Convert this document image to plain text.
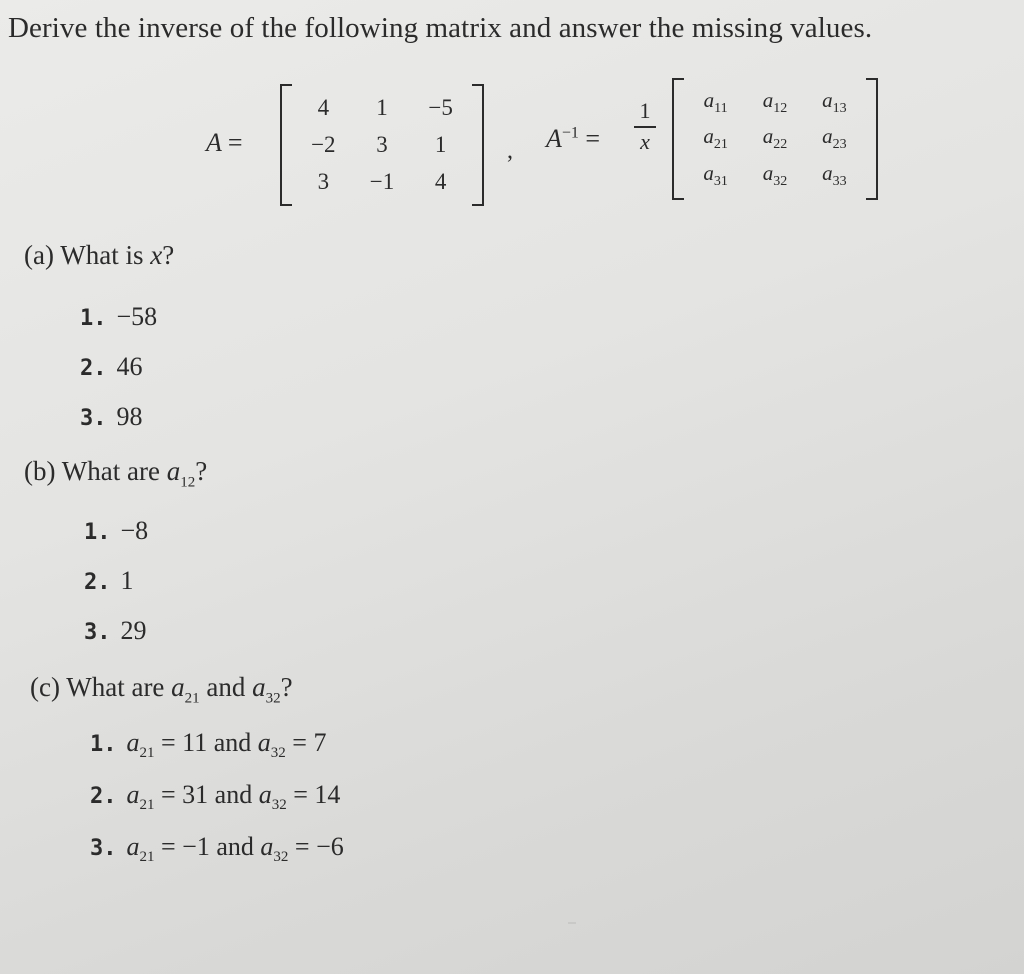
Derive the inverse of the following matrix and answer the missing values.
A =
4 1 −5
−2 3 1
3 −1 4
, $A^{-1}$ =
1
x
$a_{11}$ $a_{12}$ $a_{13}$
$a_{21}$ $a_{22}$ $a_{23}$
$a_{31}$ $a_{32}$ $a_{33}$
(a) What is x?
1. −58
2. 46
3. 98
(b) What are $a_{12}$?
1. −8
2. 1
3. 29
(c) What are $a_{21}$ and $a_{32}$?
1. $a_{21} = 11$ and $a_{32} = 7$
2. $a_{21} = 31$ and $a_{32} = 14$
3. $a_{21} = -1$ and $a_{32} = -6$
